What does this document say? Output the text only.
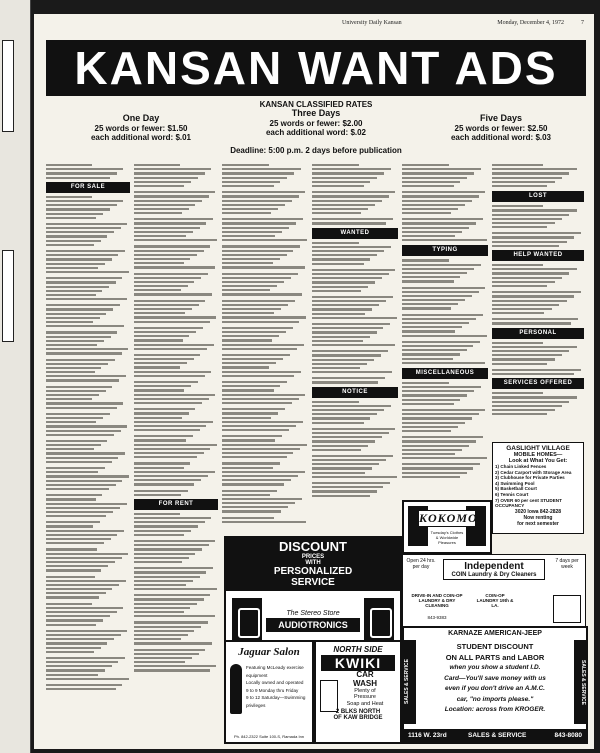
University Daily Kansan	Monday, December 4, 1972	7
KANSAN WANT ADS
KANSAN CLASSIFIED RATES
One Day
25 words or fewer: $1.50
each additional word: $.01
Three Days
25 words or fewer: $2.00
each additional word: $.02
Five Days
25 words or fewer: $2.50
each additional word: $.03
Deadline: 5:00 p.m. 2 days before publication
FOR SALE
FOR RENT
WANTED
NOTICE
TYPING
MISCELLANEOUS
LOST
HELP WANTED
PERSONAL
SERVICES OFFERED
GASLIGHT VILLAGE
MOBILE HOMES—
Look at What You Get:
1) Chain Linked Fences
2) Cedar Carport with Storage Area
3) Clubhouse for Private Parties
4) Swimming Pool
5) Basketball Court
6) Tennis Court
7) OVER 60 per cent STUDENT OCCUPANCY
3020 Iowa 842-2828
Now renting
for next semester
KOKOMO
Tuesday's Clothes & Worldwide Pleasures
DISCOUNT
PRICES
WITH
PERSONALIZED
SERVICE
The Stereo Store
AUDIOTRONICS
Open 24 hrs. per day
7 days per week
Independent
COIN Laundry & Dry Cleaners
DRIVE-IN AND COIN-OP LAUNDRY & DRY CLEANING
COIN-OP LAUNDRY 19th & LA.
843-9383
Jaguar Salon
Featuring McLeady exercise equipment
Locally owned and operated
9 to 9 Monday thru Friday
9 to 12 Saturday—Swimming privileges
Ph. 842-2322 Suite 100-S, Ramada Inn
NORTH SIDE
KWIKI
CAR
WASH
Plenty of
Pressure
Soap and Heat
2 BLKS NORTH
OF KAW BRIDGE
KARNAZE AMERICAN-JEEP
SALES & SERVICE	SALES & SERVICE
STUDENT DISCOUNT
ON ALL PARTS and LABOR
when you show a student I.D.
Card—You'll save money with us
even if you don't drive an A.M.C.
car, "no imports please."
Location: across from KROGER.
1116 W. 23rd	SALES & SERVICE	843-8080
